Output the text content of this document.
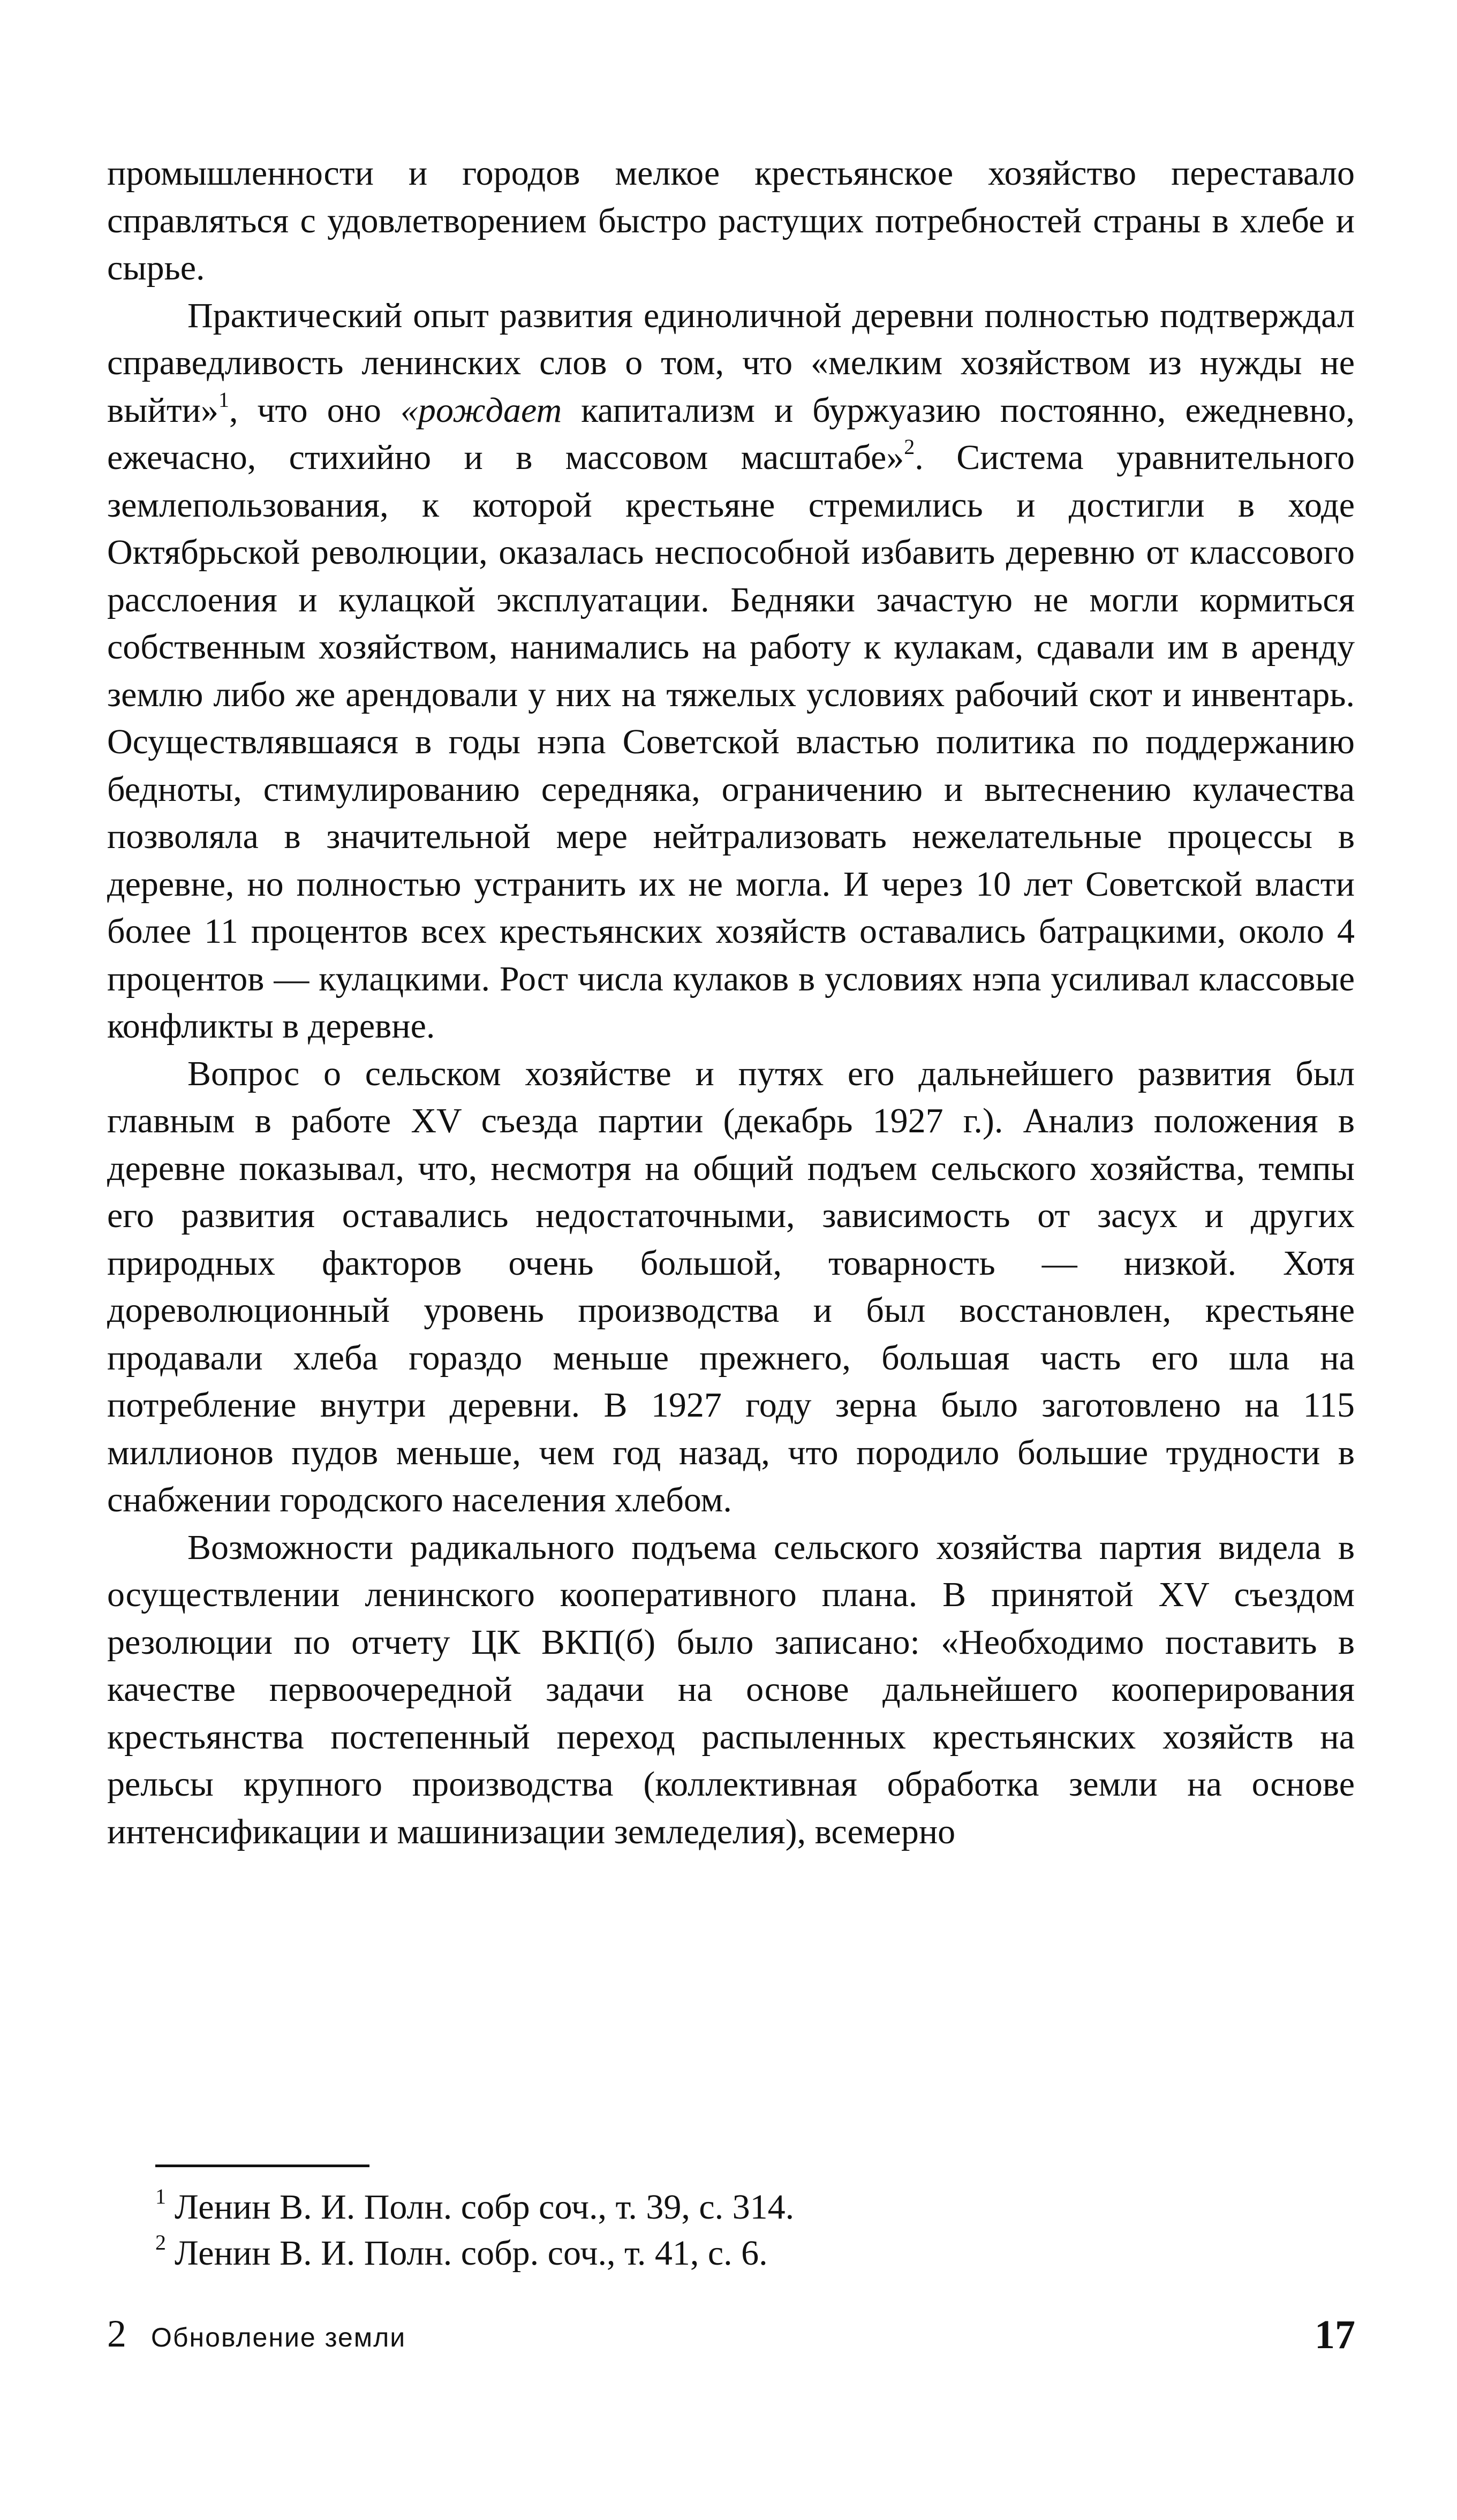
промышленности и городов мелкое крестьянское хозяйство переставало справляться с удовлетворением быстро растущих потребностей страны в хлебе и сырье.

Практический опыт развития единоличной деревни полностью подтверждал справедливость ленинских слов о том, что «мелким хозяйством из нужды не выйти»$^1$, что оно «рождает капитализм и буржуазию постоянно, ежедневно, ежечасно, стихийно и в массовом масштабе»$^2$. Система уравнительного землепользования, к которой крестьяне стремились и достигли в ходе Октябрьской революции, оказалась неспособной избавить деревню от классового расслоения и кулацкой эксплуатации. Бедняки зачастую не могли кормиться собственным хозяйством, нанимались на работу к кулакам, сдавали им в аренду землю либо же арендовали у них на тяжелых условиях рабочий скот и инвентарь. Осуществлявшаяся в годы нэпа Советской властью политика по поддержанию бедноты, стимулированию середняка, ограничению и вытеснению кулачества позволяла в значительной мере нейтрализовать нежелательные процессы в деревне, но полностью устранить их не могла. И через 10 лет Советской власти более 11 процентов всех крестьянских хозяйств оставались батрацкими, около 4 процентов — кулацкими. Рост числа кулаков в условиях нэпа усиливал классовые конфликты в деревне.

Вопрос о сельском хозяйстве и путях его дальнейшего развития был главным в работе XV съезда партии (декабрь 1927 г.). Анализ положения в деревне показывал, что, несмотря на общий подъем сельского хозяйства, темпы его развития оставались недостаточными, зависимость от засух и других природных факторов очень большой, товарность — низкой. Хотя дореволюционный уровень производства и был восстановлен, крестьяне продавали хлеба гораздо меньше прежнего, большая часть его шла на потребление внутри деревни. В 1927 году зерна было заготовлено на 115 миллионов пудов меньше, чем год назад, что породило большие трудности в снабжении городского населения хлебом.

Возможности радикального подъема сельского хозяйства партия видела в осуществлении ленинского кооперативного плана. В принятой XV съездом резолюции по отчету ЦК ВКП(б) было записано: «Необходимо поставить в качестве первоочередной задачи на основе дальнейшего кооперирования крестьянства постепенный переход распыленных крестьянских хозяйств на рельсы крупного производства (коллективная обработка земли на основе интенсификации и машинизации земледелия), всемерно

$^1$ Ленин В. И. Полн. собр соч., т. 39, с. 314.

$^2$ Ленин В. И. Полн. собр. соч., т. 41, с. 6.

2 Обновление земли	17
